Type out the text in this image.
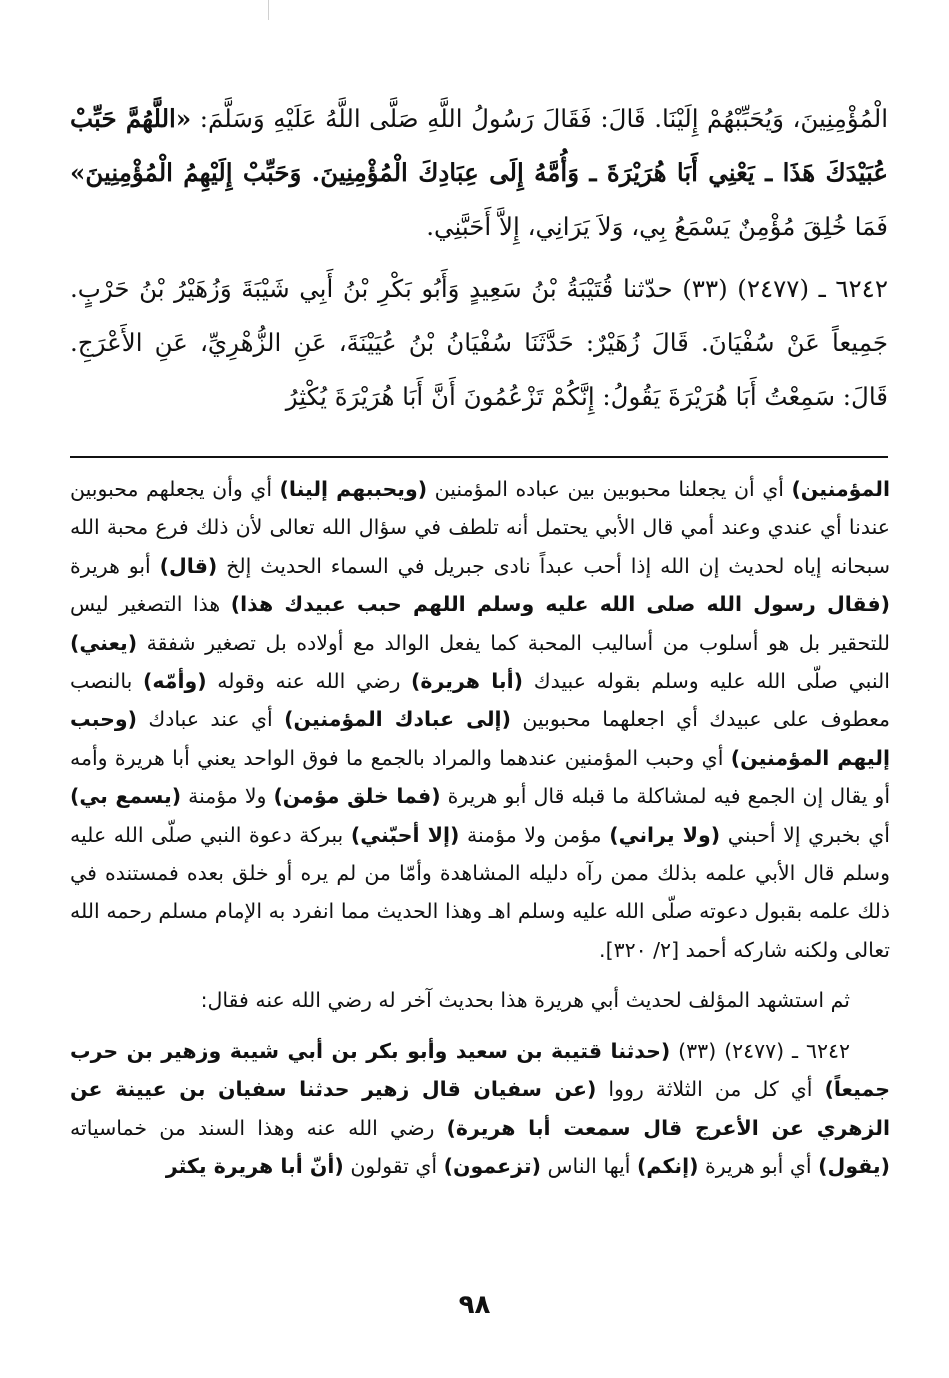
الْمُؤْمِنِينَ، وَيُحَبِّبْهُمْ إِلَيْنَا. قَالَ: فَقَالَ رَسُولُ اللَّهِ صَلَّى اللَّهُ عَلَيْهِ وَسَلَّمَ: «اللَّهُمَّ حَبِّبْ عُبَيْدَكَ هَذَا ـ يَعْنِي أَبَا هُرَيْرَةَ ـ وَأُمَّهُ إِلَى عِبَادِكَ الْمُؤْمِنِينَ. وَحَبِّبْ إِلَيْهِمُ الْمُؤْمِنِينَ» فَمَا خُلِقَ مُؤْمِنٌ يَسْمَعُ بِي، وَلاَ يَرَانِي، إِلاَّ أَحَبَّنِي.

٦٢٤٢ ـ (٢٤٧٧) (٣٣) حدّثنا قُتَيْبَةُ بْنُ سَعِيدٍ وَأَبُو بَكْرِ بْنُ أَبِي شَيْبَةَ وَزُهَيْرُ بْنُ حَرْبٍ. جَمِيعاً عَنْ سُفْيَانَ. قَالَ زُهَيْرٌ: حَدَّثَنَا سُفْيَانُ بْنُ عُيَيْنَةَ، عَنِ الزُّهْرِيِّ، عَنِ الأَعْرَجِ. قَالَ: سَمِعْتُ أَبَا هُرَيْرَةَ يَقُولُ: إِنَّكُمْ تَزْعُمُونَ أَنَّ أَبَا هُرَيْرَةَ يُكْثِرُ

المؤمنين) أي أن يجعلنا محبوبين بين عباده المؤمنين (ويحببهم إلينا) أي وأن يجعلهم محبوبين عندنا أي عندي وعند أمي قال الأبي يحتمل أنه تلطف في سؤال الله تعالى لأن ذلك فرع محبة الله سبحانه إياه لحديث إن الله إذا أحب عبداً نادى جبريل في السماء الحديث إلخ (قال) أبو هريرة (فقال رسول الله صلى الله عليه وسلم اللهم حبب عبيدك هذا) هذا التصغير ليس للتحقير بل هو أسلوب من أساليب المحبة كما يفعل الوالد مع أولاده بل تصغير شفقة (يعني) النبي صلّى الله عليه وسلم بقوله عبيدك (أبا هريرة) رضي الله عنه وقوله (وأمّه) بالنصب معطوف على عبيدك أي اجعلهما محبوبين (إلى عبادك المؤمنين) أي عند عبادك (وحبب إليهم المؤمنين) أي وحبب المؤمنين عندهما والمراد بالجمع ما فوق الواحد يعني أبا هريرة وأمه أو يقال إن الجمع فيه لمشاكلة ما قبله قال أبو هريرة (فما خلق مؤمن) ولا مؤمنة (يسمع بي) أي بخبري إلا أحبني (ولا يراني) مؤمن ولا مؤمنة (إلا أحبّني) ببركة دعوة النبي صلّى الله عليه وسلم قال الأبي علمه بذلك ممن رآه دليله المشاهدة وأمّا من لم يره أو خلق بعده فمستنده في ذلك علمه بقبول دعوته صلّى الله عليه وسلم اهـ وهذا الحديث مما انفرد به الإمام مسلم رحمه الله تعالى ولكنه شاركه أحمد [٢/ ٣٢٠].

ثم استشهد المؤلف لحديث أبي هريرة هذا بحديث آخر له رضي الله عنه فقال:

٦٢٤٢ ـ (٢٤٧٧) (٣٣) (حدثنا قتيبة بن سعيد وأبو بكر بن أبي شيبة وزهير بن حرب جميعاً) أي كل من الثلاثة رووا (عن سفيان قال زهير حدثنا سفيان بن عيينة عن الزهري عن الأعرج قال سمعت أبا هريرة) رضي الله عنه وهذا السند من خماسياته (يقول) أي أبو هريرة (إنكم) أيها الناس (تزعمون) أي تقولون (أنّ أبا هريرة يكثر

٩٨
